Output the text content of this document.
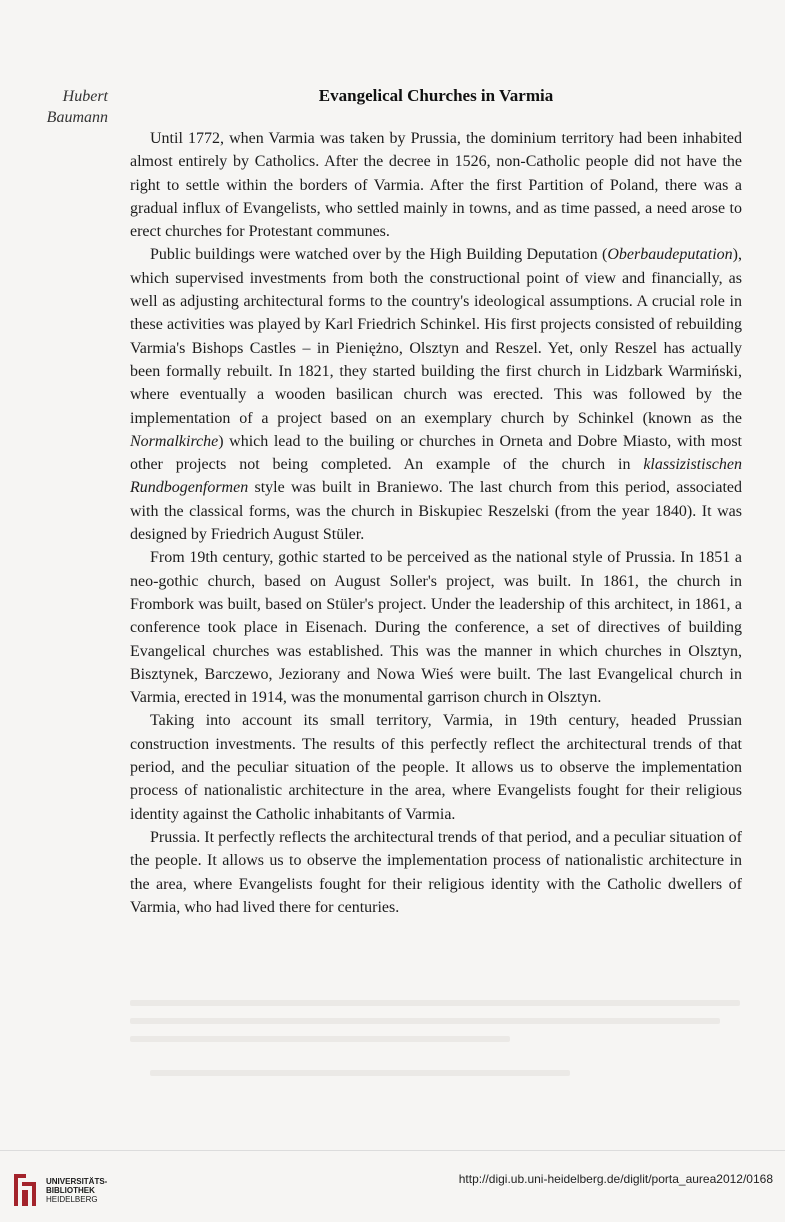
Hubert
Baumann
Evangelical Churches in Varmia

Until 1772, when Varmia was taken by Prussia, the dominium territory had been inhabited almost entirely by Catholics. After the decree in 1526, non-Catholic people did not have the right to settle within the borders of Varmia. After the first Partition of Poland, there was a gradual influx of Evangelists, who settled mainly in towns, and as time passed, a need arose to erect churches for Protestant communes.

Public buildings were watched over by the High Building Deputation (Oberbaudeputation), which supervised investments from both the constructional point of view and financially, as well as adjusting architectural forms to the country's ideological assumptions. A crucial role in these activities was played by Karl Friedrich Schinkel. His first projects consisted of rebuilding Varmia's Bishops Castles – in Pieniężno, Olsztyn and Reszel. Yet, only Reszel has actually been formally rebuilt. In 1821, they started building the first church in Lidzbark Warmiński, where eventually a wooden basilican church was erected. This was followed by the implementation of a project based on an exemplary church by Schinkel (known as the Normalkirche) which lead to the builing or churches in Orneta and Dobre Miasto, with most other projects not being completed. An example of the church in klassizistischen Rundbogenformen style was built in Braniewo. The last church from this period, associated with the classical forms, was the church in Biskupiec Reszelski (from the year 1840). It was designed by Friedrich August Stüler.

From 19th century, gothic started to be perceived as the national style of Prussia. In 1851 a neo-gothic church, based on August Soller's project, was built. In 1861, the church in Frombork was built, based on Stüler's project. Under the leadership of this architect, in 1861, a conference took place in Eisenach. During the conference, a set of directives of building Evangelical churches was established. This was the manner in which churches in Olsztyn, Bisztynek, Barczewo, Jeziorany and Nowa Wieś were built. The last Evangelical church in Varmia, erected in 1914, was the monumental garrison church in Olsztyn.

Taking into account its small territory, Varmia, in 19th century, headed Prussian construction investments. The results of this perfectly reflect the architectural trends of that period, and the peculiar situation of the people. It allows us to observe the implementation process of nationalistic architecture in the area, where Evangelists fought for their religious identity against the Catholic inhabitants of Varmia.

Prussia. It perfectly reflects the architectural trends of that period, and a peculiar situation of the people. It allows us to observe the implementation process of nationalistic architecture in the area, where Evangelists fought for their religious identity with the Catholic dwellers of Varmia, who had lived there for centuries.

UNIVERSITÄTS-
BIBLIOTHEK
HEIDELBERG
http://digi.ub.uni-heidelberg.de/diglit/porta_aurea2012/0168
